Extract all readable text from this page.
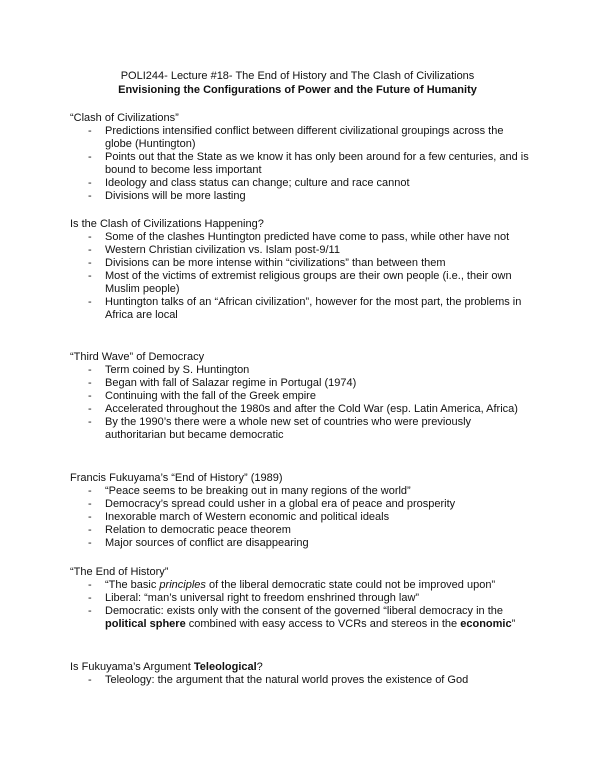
POLI244- Lecture #18- The End of History and The Clash of Civilizations
Envisioning the Configurations of Power and the Future of Humanity
“Clash of Civilizations”
- Predictions intensified conflict between different civilizational groupings across the globe (Huntington)
- Points out that the State as we know it has only been around for a few centuries, and is bound to become less important
- Ideology and class status can change; culture and race cannot
- Divisions will be more lasting
Is the Clash of Civilizations Happening?
- Some of the clashes Huntington predicted have come to pass, while other have not
- Western Christian civilization vs. Islam post-9/11
- Divisions can be more intense within “civilizations” than between them
- Most of the victims of extremist religious groups are their own people (i.e., their own Muslim people)
- Huntington talks of an “African civilization”, however for the most part, the problems in Africa are local
“Third Wave” of Democracy
- Term coined by S. Huntington
- Began with fall of Salazar regime in Portugal (1974)
- Continuing with the fall of the Greek empire
- Accelerated throughout the 1980s and after the Cold War (esp. Latin America, Africa)
- By the 1990’s there were a whole new set of countries who were previously authoritarian but became democratic
Francis Fukuyama’s “End of History” (1989)
- “Peace seems to be breaking out in many regions of the world”
- Democracy’s spread could usher in a global era of peace and prosperity
- Inexorable march of Western economic and political ideals
- Relation to democratic peace theorem
- Major sources of conflict are disappearing
“The End of History”
- “The basic principles of the liberal democratic state could not be improved upon”
- Liberal: “man’s universal right to freedom enshrined through law”
- Democratic: exists only with the consent of the governed “liberal democracy in the political sphere combined with easy access to VCRs and stereos in the economic”
Is Fukuyama’s Argument Teleological?
- Teleology: the argument that the natural world proves the existence of God
